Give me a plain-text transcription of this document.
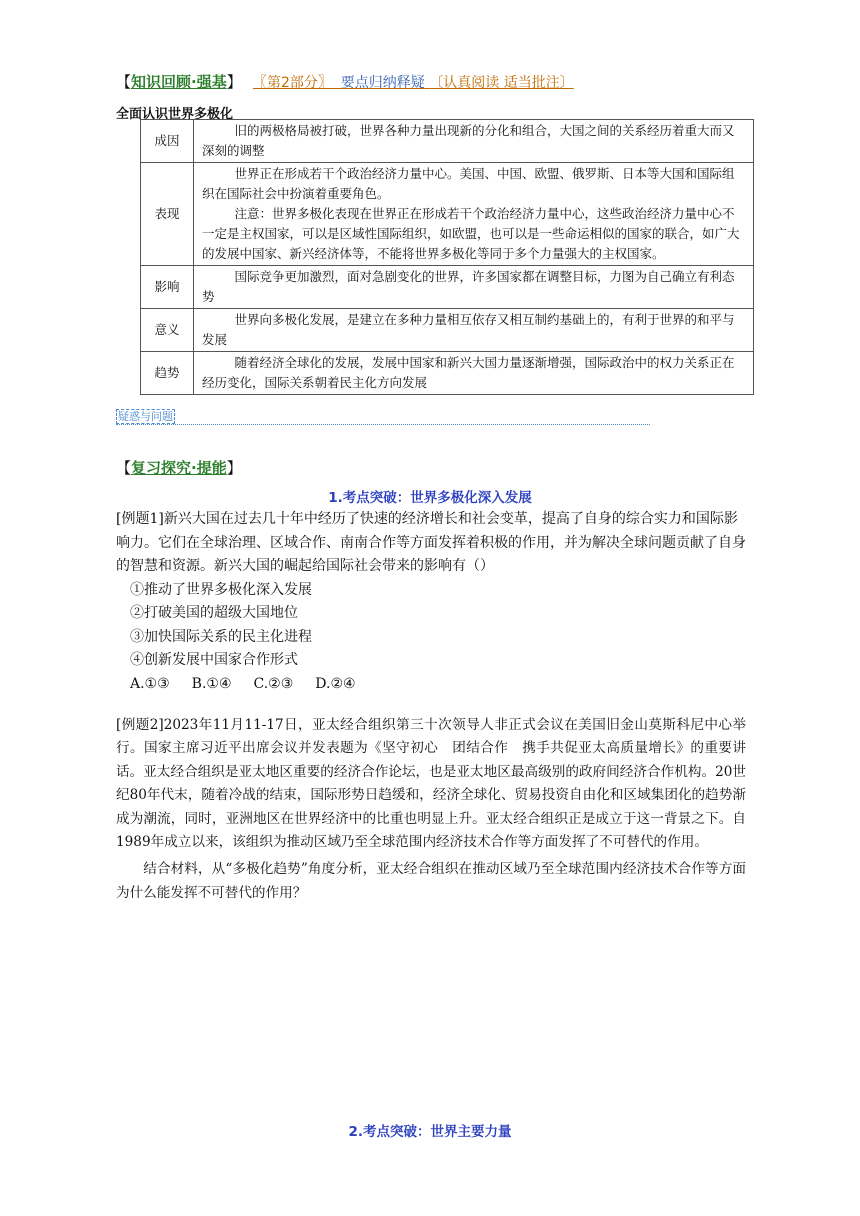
【知识回顾·强基】 〖第2部分〗 要点归纳释疑 〔认真阅读 适当批注〕
全面认识世界多极化
成因	旧的两极格局被打破，世界各种力量出现新的分化和组合，大国之间的关系经历着重大而又深刻的调整

表现	世界正在形成若干个政治经济力量中心。美国、中国、欧盟、俄罗斯、日本等大国和国际组织在国际社会中扮演着重要角色。

注意：世界多极化表现在世界正在形成若干个政治经济力量中心，这些政治经济力量中心不一定是主权国家，可以是区域性国际组织，如欧盟，也可以是一些命运相似的国家的联合，如广大的发展中国家、新兴经济体等，不能将世界多极化等同于多个力量强大的主权国家。

影响	国际竞争更加激烈，面对急剧变化的世界，许多国家都在调整目标，力图为自己确立有利态势

意义	世界向多极化发展，是建立在多种力量相互依存又相互制约基础上的，有利于世界的和平与发展

趋势	随着经济全球化的发展，发展中国家和新兴大国力量逐渐增强，国际政治中的权力关系正在经历变化，国际关系朝着民主化方向发展

疑惑与问题
【复习探究·提能】
1.考点突破：世界多极化深入发展

[例题1]新兴大国在过去几十年中经历了快速的经济增长和社会变革，提高了自身的综合实力和国际影响力。它们在全球治理、区域合作、南南合作等方面发挥着积极的作用，并为解决全球问题贡献了自身的智慧和资源。新兴大国的崛起给国际社会带来的影响有（）

①推动了世界多极化深入发展

②打破美国的超级大国地位

③加快国际关系的民主化进程

④创新发展中国家合作形式

A.①③ B.①④ C.②③ D.②④

[例题2]2023年11月11-17日，亚太经合组织第三十次领导人非正式会议在美国旧金山莫斯科尼中心举行。国家主席习近平出席会议并发表题为《坚守初心　团结合作　携手共促亚太高质量增长》的重要讲话。亚太经合组织是亚太地区重要的经济合作论坛，也是亚太地区最高级别的政府间经济合作机构。20世纪80年代末，随着冷战的结束，国际形势日趋缓和，经济全球化、贸易投资自由化和区域集团化的趋势渐成为潮流，同时，亚洲地区在世界经济中的比重也明显上升。亚太经合组织正是成立于这一背景之下。自1989年成立以来，该组织为推动区域乃至全球范围内经济技术合作等方面发挥了不可替代的作用。

结合材料，从“多极化趋势”角度分析，亚太经合组织在推动区域乃至全球范围内经济技术合作等方面为什么能发挥不可替代的作用？

2.考点突破：世界主要力量
